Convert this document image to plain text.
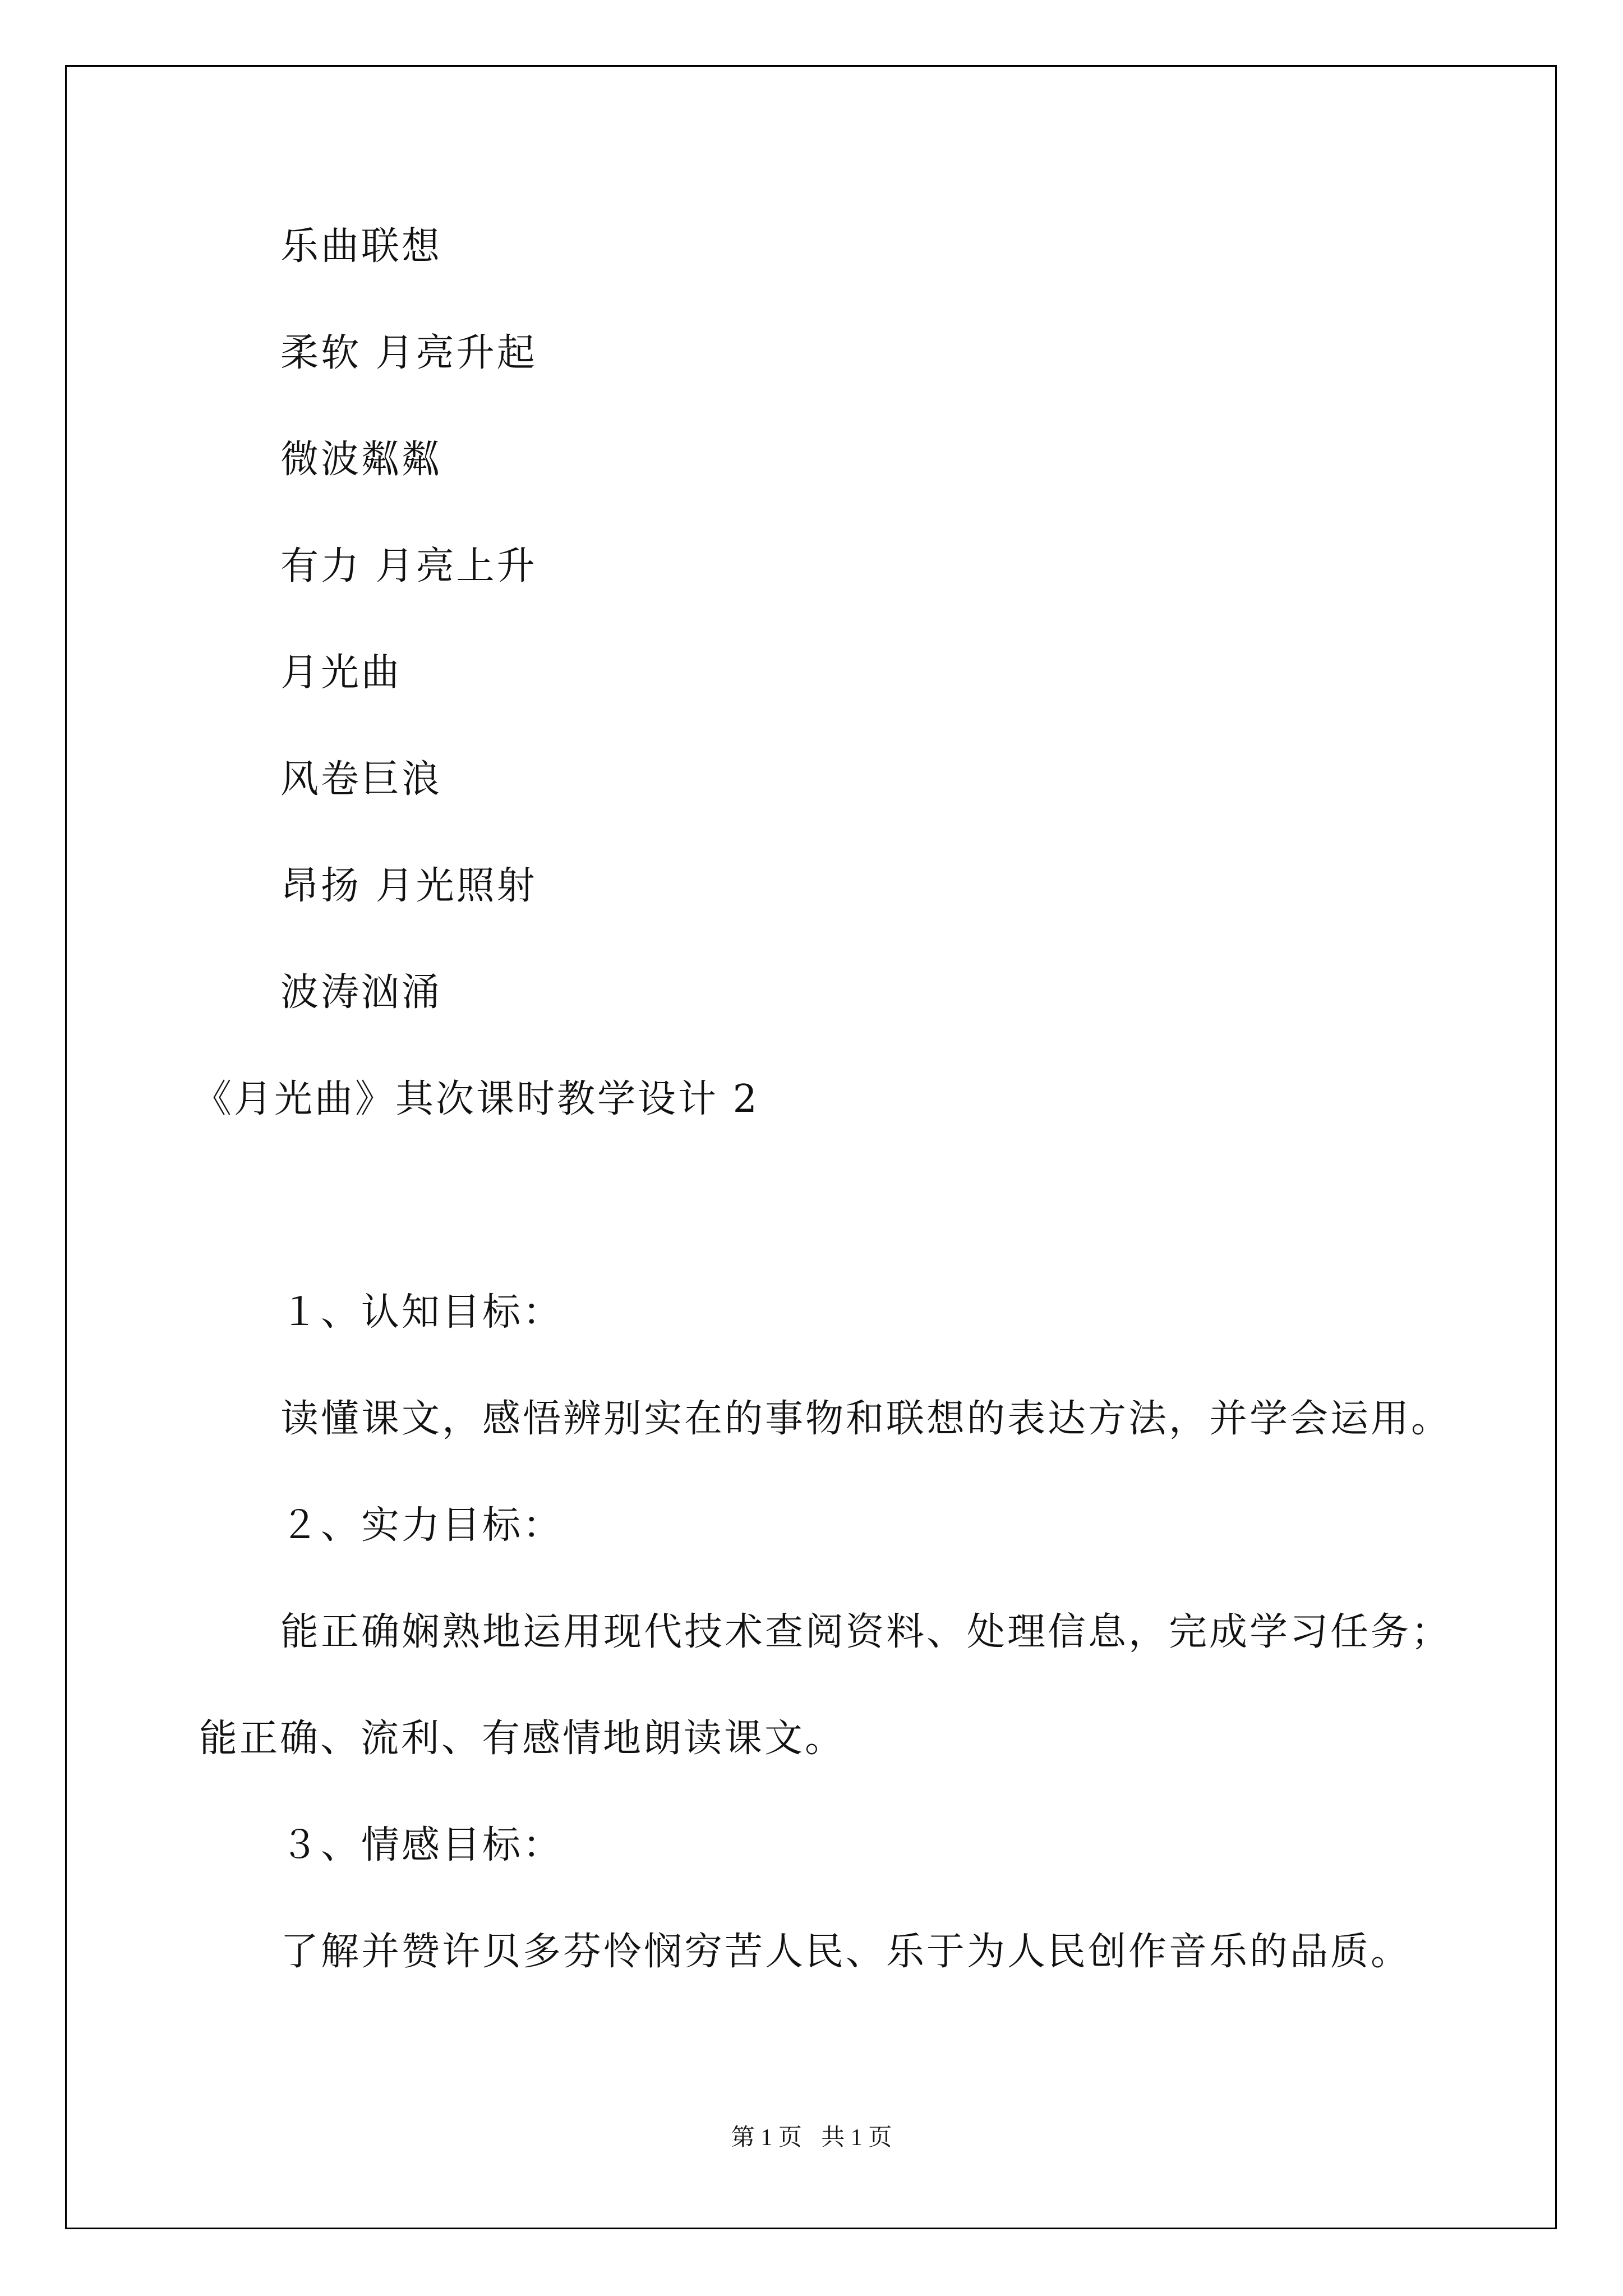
乐曲联想
柔软 月亮升起
微波粼粼
有力 月亮上升
月光曲
风卷巨浪
昂扬 月光照射
波涛汹涌
《月光曲》其次课时教学设计 2
１、认知目标：
读懂课文，感悟辨别实在的事物和联想的表达方法，并学会运用。
２、实力目标：
能正确娴熟地运用现代技术查阅资料、处理信息，完成学习任务；
能正确、流利、有感情地朗读课文。
３、情感目标：
了解并赞许贝多芬怜悯穷苦人民、乐于为人民创作音乐的品质。
第 1 页 共 1 页
